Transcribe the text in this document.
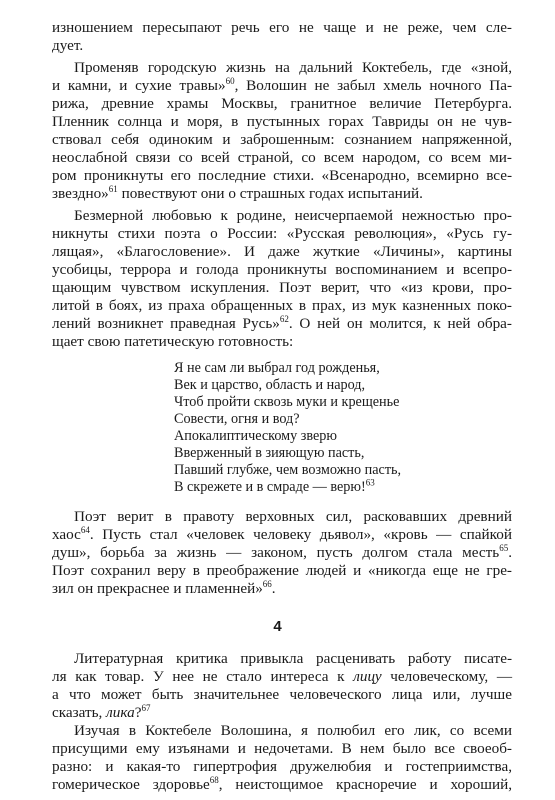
изношением пересыпают речь его не чаще и не реже, чем сле-
дует.
Променяв городскую жизнь на дальний Коктебель, где «зной,
и камни, и сухие травы»$^{60}$, Волошин не забыл хмель ночного Па-
рижа, древние храмы Москвы, гранитное величие Петербурга.
Пленник солнца и моря, в пустынных горах Тавриды он не чув-
ствовал себя одиноким и заброшенным: сознанием напряженной,
неослабной связи со всей страной, со всем народом, со всем ми-
ром проникнуты его последние стихи. «Всенародно, всемирно все-
звездно»$^{61}$ повествуют они о страшных годах испытаний.
Безмерной любовью к родине, неисчерпаемой нежностью про-
никнуты стихи поэта о России: «Русская революция», «Русь гу-
лящая», «Благословение». И даже жуткие «Личины», картины
усобицы, террора и голода проникнуты воспоминанием и всепро-
щающим чувством искупления. Поэт верит, что «из крови, про-
литой в боях, из праха обращенных в прах, из мук казненных поко-
лений возникнет праведная Русь»$^{62}$. О ней он молится, к ней обра-
щает свою патетическую готовность:
Я не сам ли выбрал год рожденья,
Век и царство, область и народ,
Чтоб пройти сквозь муки и крещенье
Совести, огня и вод?
Апокалиптическому зверю
Вверженный в зияющую пасть,
Павший глубже, чем возможно пасть,
В скрежете и в смраде — верю!$^{63}$
Поэт верит в правоту верховных сил, расковавших древний
хаос$^{64}$. Пусть стал «человек человеку дьявол», «кровь — спайкой
душ», борьба за жизнь — законом, пусть долгом стала месть$^{65}$.
Поэт сохранил веру в преображение людей и «никогда еще не гре-
зил он прекраснее и пламенней»$^{66}$.
4
Литературная критика привыкла расценивать работу писате-
ля как товар. У нее не стало интереса к лицу человеческому, —
а что может быть значительнее человеческого лица или, лучше
сказать, лика?$^{67}$
Изучая в Коктебеле Волошина, я полюбил его лик, со всеми
присущими ему изъянами и недочетами. В нем было все своеоб-
разно: и какая-то гипертрофия дружелюбия и гостеприимства,
гомерическое здоровье$^{68}$, неистощимое красноречие и хороший,
